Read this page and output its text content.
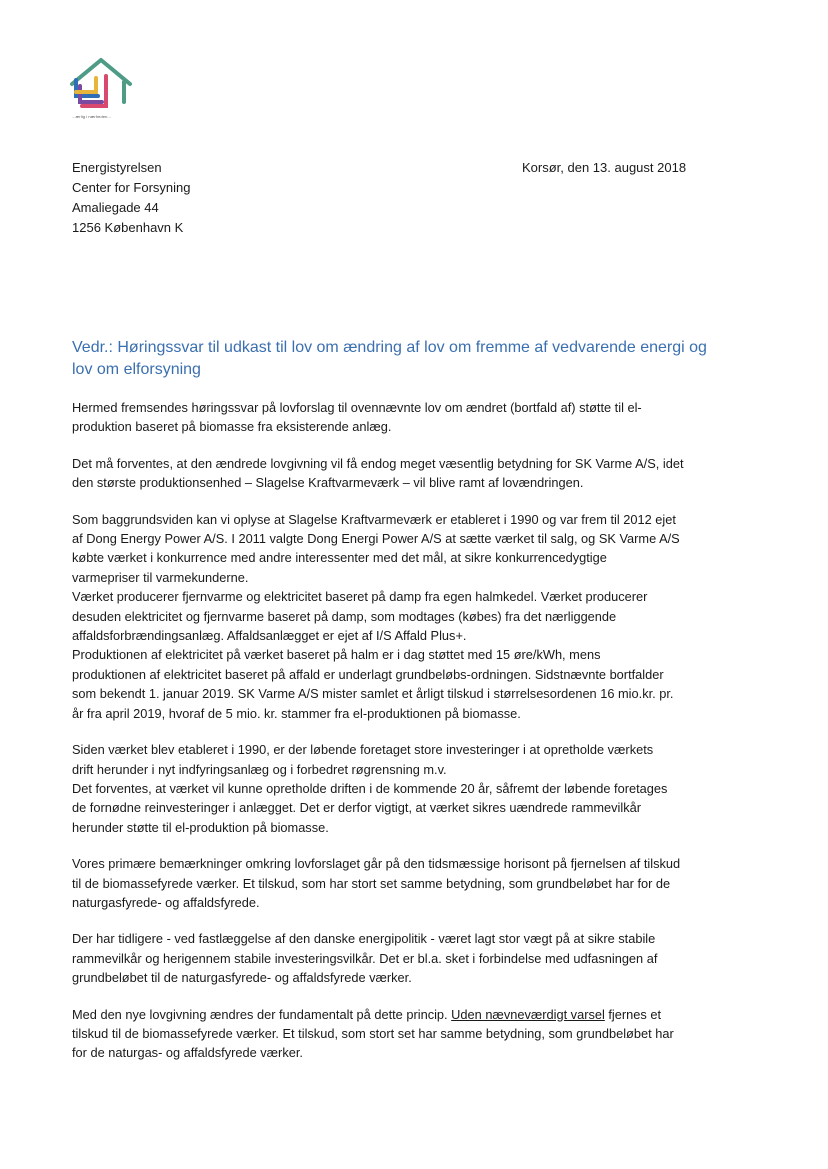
...ærlig i nærheden...
Energistyrelsen
Center for Forsyning
Amaliegade 44
1256 København K
Korsør, den 13. august 2018
Vedr.: Høringssvar til udkast til lov om ændring af lov om fremme af vedvarende energi og
lov om elforsyning

Hermed fremsendes høringssvar på lovforslag til ovennævnte lov om ændret (bortfald af) støtte til el-
produktion baseret på biomasse fra eksisterende anlæg.

Det må forventes, at den ændrede lovgivning vil få endog meget væsentlig betydning for SK Varme A/S, idet
den største produktionsenhed – Slagelse Kraftvarmeværk – vil blive ramt af lovændringen.

Som baggrundsviden kan vi oplyse at Slagelse Kraftvarmeværk er etableret i 1990 og var frem til 2012 ejet
af Dong Energy Power A/S. I 2011 valgte Dong Energi Power A/S at sætte værket til salg, og SK Varme A/S
købte værket i konkurrence med andre interessenter med det mål, at sikre konkurrencedygtige
varmepriser til varmekunderne.

Værket producerer fjernvarme og elektricitet baseret på damp fra egen halmkedel. Værket producerer
desuden elektricitet og fjernvarme baseret på damp, som modtages (købes) fra det nærliggende
affaldsforbrændingsanlæg. Affaldsanlægget er ejet af I/S Affald Plus+.

Produktionen af elektricitet på værket baseret på halm er i dag støttet med 15 øre/kWh, mens
produktionen af elektricitet baseret på affald er underlagt grundbeløbs-ordningen. Sidstnævnte bortfalder
som bekendt 1. januar 2019. SK Varme A/S mister samlet et årligt tilskud i størrelsesordenen 16 mio.kr. pr.
år fra april 2019, hvoraf de 5 mio. kr. stammer fra el-produktionen på biomasse.

Siden værket blev etableret i 1990, er der løbende foretaget store investeringer i at opretholde værkets
drift herunder i nyt indfyringsanlæg og i forbedret røgrensning m.v.

Det forventes, at værket vil kunne opretholde driften i de kommende 20 år, såfremt der løbende foretages
de fornødne reinvesteringer i anlægget. Det er derfor vigtigt, at værket sikres uændrede rammevilkår
herunder støtte til el-produktion på biomasse.

Vores primære bemærkninger omkring lovforslaget går på den tidsmæssige horisont på fjernelsen af tilskud
til de biomassefyrede værker. Et tilskud, som har stort set samme betydning, som grundbeløbet har for de
naturgasfyrede- og affaldsfyrede.

Der har tidligere - ved fastlæggelse af den danske energipolitik - været lagt stor vægt på at sikre stabile
rammevilkår og herigennem stabile investeringsvilkår. Det er bl.a. sket i forbindelse med udfasningen af
grundbeløbet til de naturgasfyrede- og affaldsfyrede værker.

Med den nye lovgivning ændres der fundamentalt på dette princip. Uden nævneværdigt varsel fjernes et
tilskud til de biomassefyrede værker. Et tilskud, som stort set har samme betydning, som grundbeløbet har
for de naturgas- og affaldsfyrede værker.
